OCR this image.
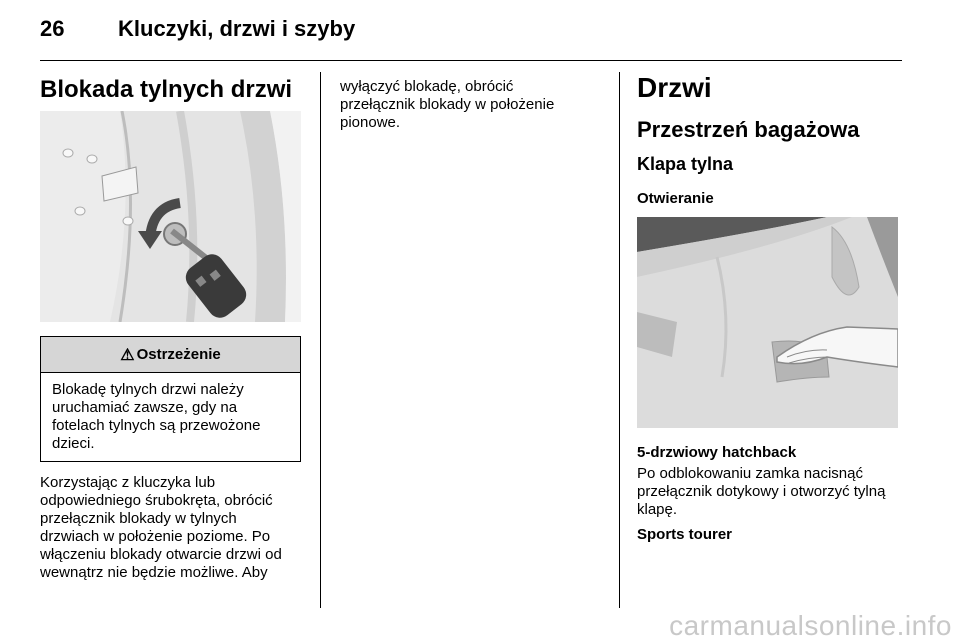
26 Kluczyki, drzwi i szyby
Blokada tylnych drzwi
⚠ Ostrzeżenie
Blokadę tylnych drzwi należy
uruchamiać zawsze, gdy na
fotelach tylnych są przewożone
dzieci.

Korzystając z kluczyka lub

odpowiedniego śrubokręta, obrócić

przełącznik blokady w tylnych

drzwiach w położenie poziome. Po

włączeniu blokady otwarcie drzwi od

wewnątrz nie będzie możliwe. Aby

wyłączyć blokadę, obrócić

przełącznik blokady w położenie

pionowe.

Drzwi
Przestrzeń bagażowa
Klapa tylna
Otwieranie
5-drzwiowy hatchback

Po odblokowaniu zamka nacisnąć

przełącznik dotykowy i otworzyć tylną

klapę.

Sports tourer
carmanualsonline.info
